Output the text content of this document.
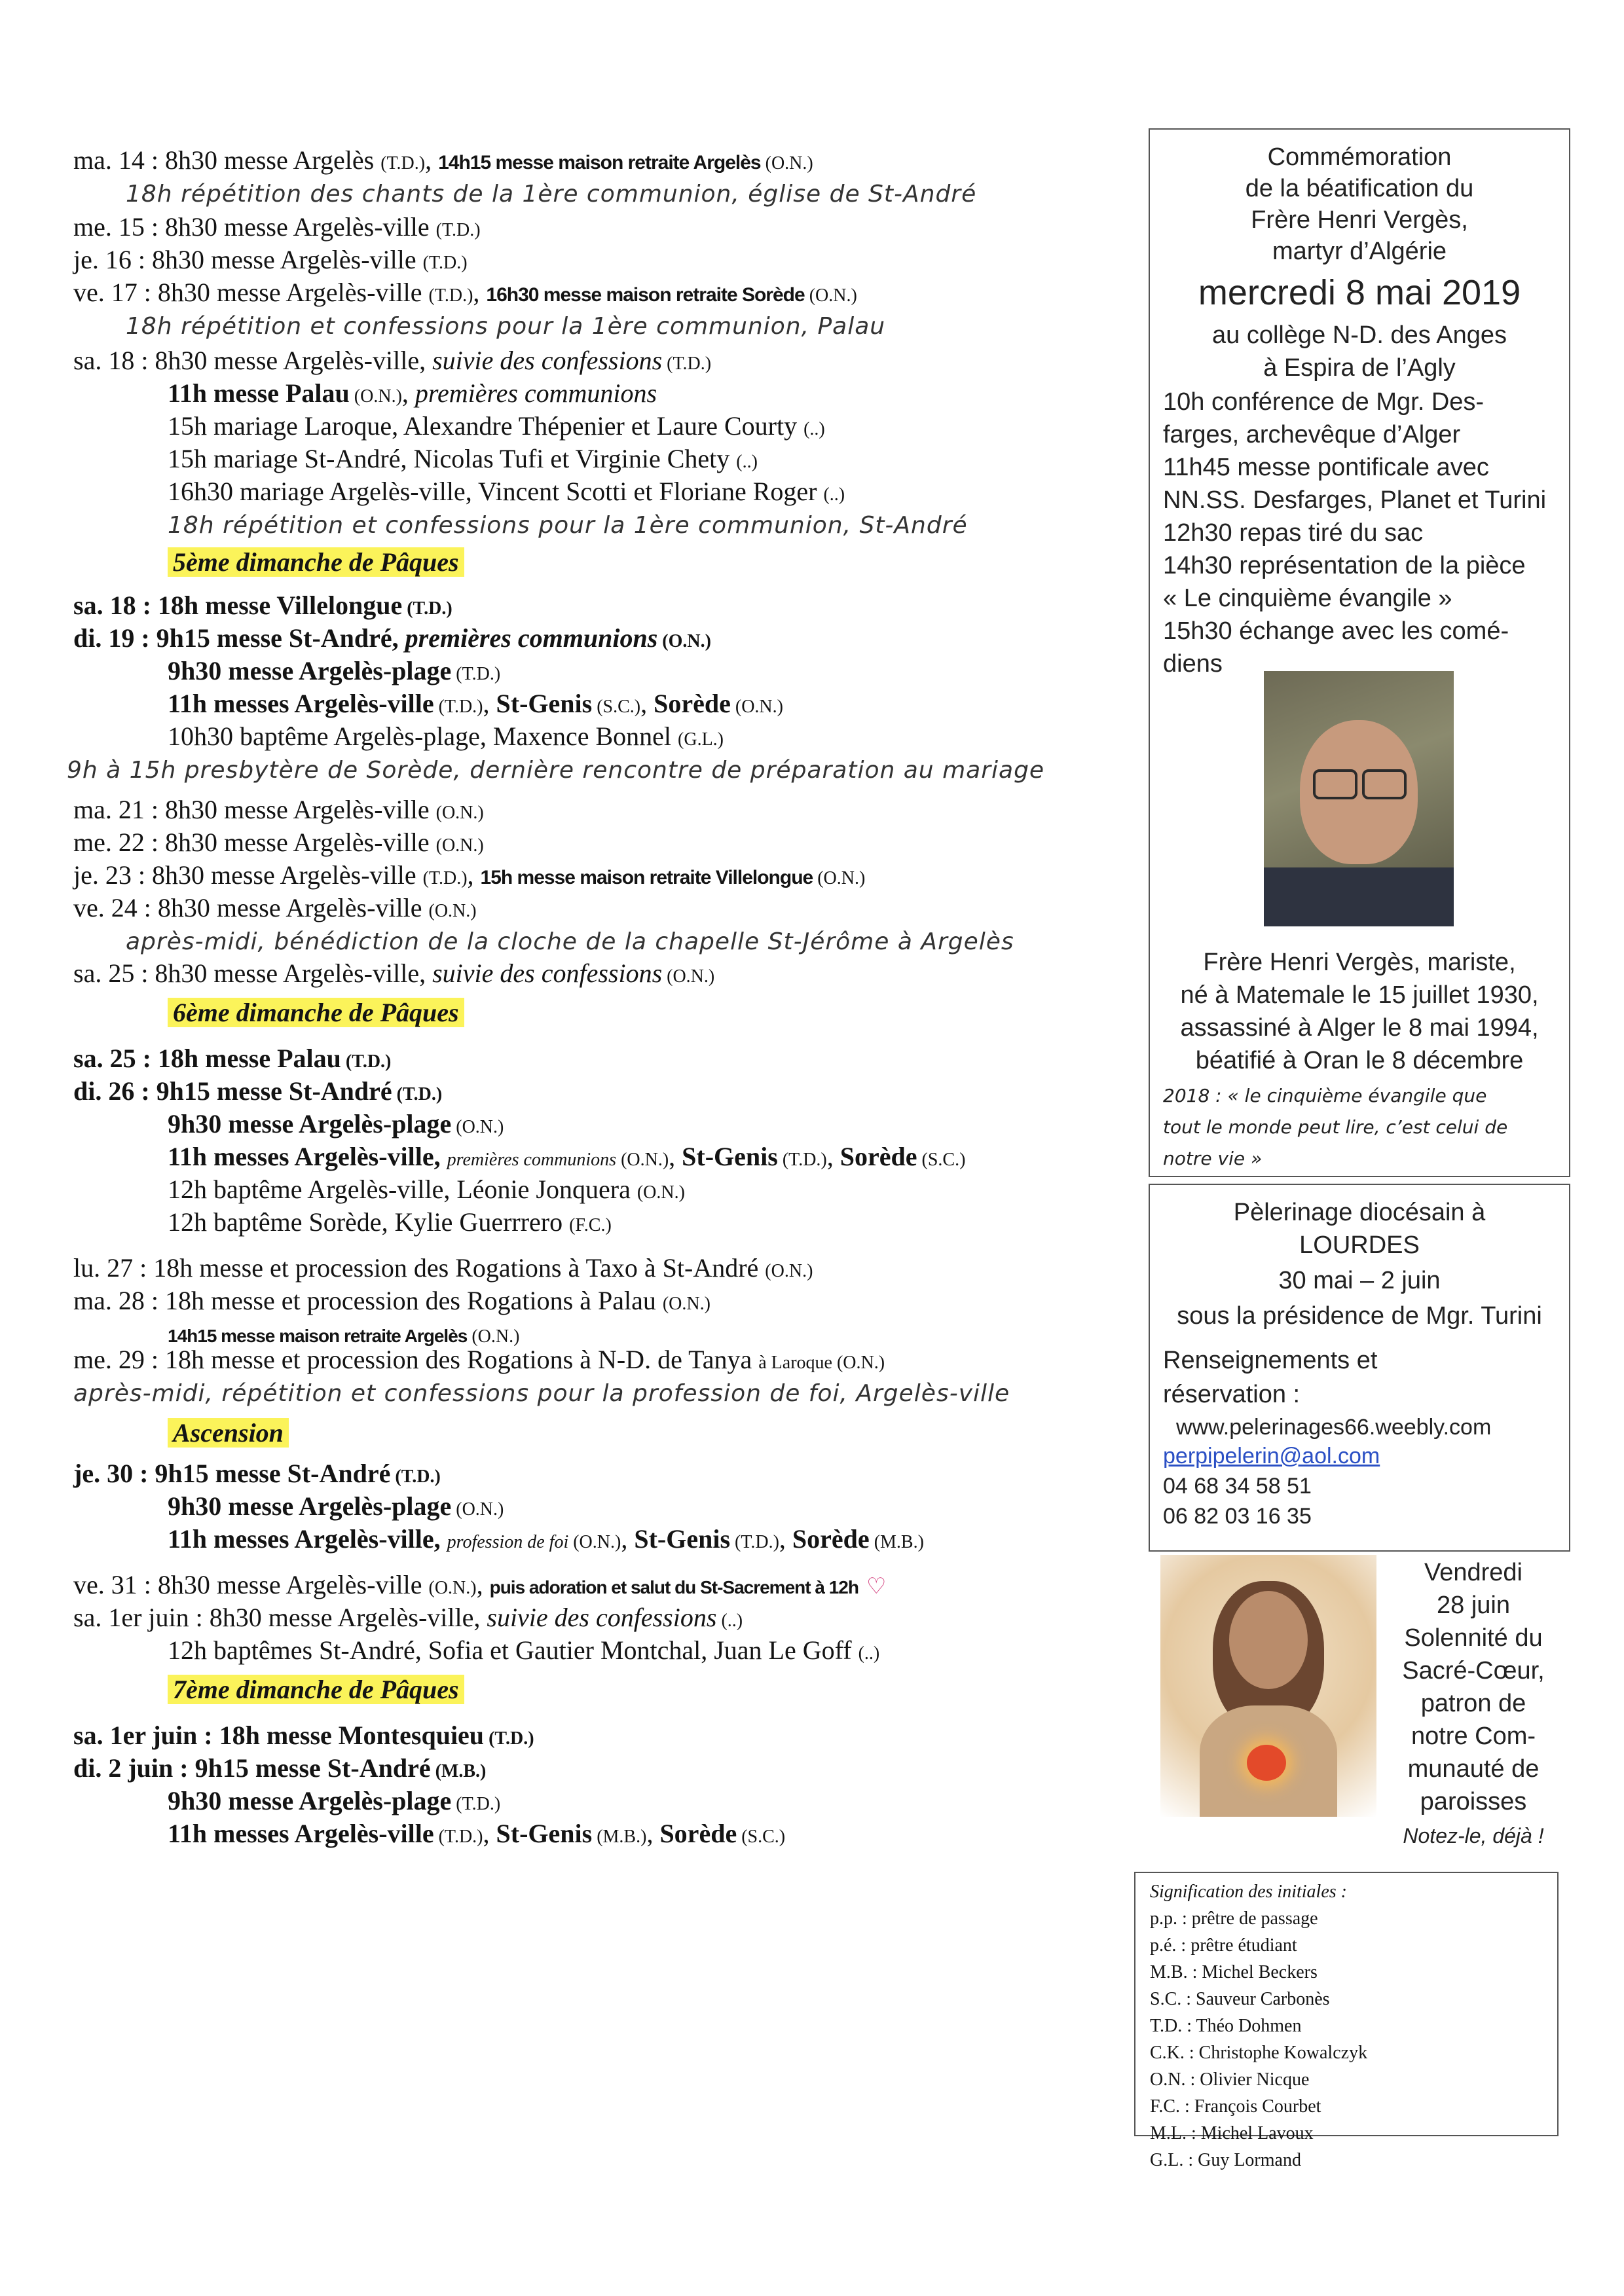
ma. 14 : 8h30 messe Argelès (T.D.), 14h15 messe maison retraite Argelès (O.N.)
18h répétition des chants de la 1ère communion, église de St-André
me. 15 : 8h30 messe Argelès-ville (T.D.)
je. 16 : 8h30 messe Argelès-ville (T.D.)
ve. 17 : 8h30 messe Argelès-ville (T.D.), 16h30 messe maison retraite Sorède (O.N.)
18h répétition et confessions pour la 1ère communion, Palau
sa. 18 : 8h30 messe Argelès-ville, suivie des confessions (T.D.)
11h messe Palau (O.N.), premières communions
15h mariage Laroque, Alexandre Thépenier et Laure Courty (..)
15h mariage St-André, Nicolas Tufi et Virginie Chety (..)
16h30 mariage Argelès-ville, Vincent Scotti et Floriane Roger (..)
18h répétition et confessions pour la 1ère communion, St-André
5ème dimanche de Pâques
sa. 18 : 18h messe Villelongue (T.D.)
di. 19 : 9h15 messe St-André, premières communions (O.N.)
9h30 messe Argelès-plage (T.D.)
11h messes Argelès-ville (T.D.), St-Genis (S.C.), Sorède (O.N.)
10h30 baptême Argelès-plage, Maxence Bonnel (G.L.)
9h à 15h presbytère de Sorède, dernière rencontre de préparation au mariage
ma. 21 : 8h30 messe Argelès-ville (O.N.)
me. 22 : 8h30 messe Argelès-ville (O.N.)
je. 23 : 8h30 messe Argelès-ville (T.D.), 15h messe maison retraite Villelongue (O.N.)
ve. 24 : 8h30 messe Argelès-ville (O.N.)
après-midi, bénédiction de la cloche de la chapelle St-Jérôme à Argelès
sa. 25 : 8h30 messe Argelès-ville, suivie des confessions (O.N.)
6ème dimanche de Pâques
sa. 25 : 18h messe Palau (T.D.)
di. 26 : 9h15 messe St-André (T.D.)
9h30 messe Argelès-plage (O.N.)
11h messes Argelès-ville, premières communions (O.N.), St-Genis (T.D.), Sorède (S.C.)
12h baptême Argelès-ville, Léonie Jonquera (O.N.)
12h baptême Sorède, Kylie Guerrrero (F.C.)
lu. 27 : 18h messe et procession des Rogations à Taxo à St-André (O.N.)
ma. 28 : 18h messe et procession des Rogations à Palau (O.N.)
14h15 messe maison retraite Argelès (O.N.)
me. 29 : 18h messe et procession des Rogations à N-D. de Tanya à Laroque (O.N.)
après-midi, répétition et confessions pour la profession de foi, Argelès-ville
Ascension
je. 30 : 9h15 messe St-André (T.D.)
9h30 messe Argelès-plage (O.N.)
11h messes Argelès-ville, profession de foi (O.N.), St-Genis (T.D.), Sorède (M.B.)
ve. 31 : 8h30 messe Argelès-ville (O.N.), puis adoration et salut du St-Sacrement à 12h ♡
sa. 1er juin : 8h30 messe Argelès-ville, suivie des confessions (..)
12h baptêmes St-André, Sofia et Gautier Montchal, Juan Le Goff (..)
7ème dimanche de Pâques
sa. 1er juin : 18h messe Montesquieu (T.D.)
di. 2 juin : 9h15 messe St-André (M.B.)
9h30 messe Argelès-plage (T.D.)
11h messes Argelès-ville (T.D.), St-Genis (M.B.), Sorède (S.C.)
Commémoration
de la béatification du
Frère Henri Vergès,
martyr d’Algérie
mercredi 8 mai 2019
au collège N-D. des Anges
à Espira de l’Agly
10h conférence de Mgr. Des-
farges, archevêque d’Alger
11h45 messe pontificale avec
NN.SS. Desfarges, Planet et Turini
12h30 repas tiré du sac
14h30 représentation de la pièce
« Le cinquième évangile »
15h30 échange avec les comé-
diens
Frère Henri Vergès, mariste,
né à Matemale le 15 juillet 1930,
assassiné à Alger le 8 mai 1994,
béatifié à Oran le 8 décembre
2018 : « le cinquième évangile que
tout le monde peut lire, c’est celui de
notre vie »
Pèlerinage diocésain à
LOURDES
30 mai – 2 juin
sous la présidence de Mgr. Turini
Renseignements et
réservation :
www.pelerinages66.weebly.com
perpipelerin@aol.com
04 68 34 58 51
06 82 03 16 35
Vendredi
28 juin
Solennité du
Sacré-Cœur,
patron de
notre Com-
munauté de
paroisses
Notez-le, déjà !
Signification des initiales :
p.p. : prêtre de passage
p.é. : prêtre étudiant
M.B. : Michel Beckers
S.C. : Sauveur Carbonès
T.D. : Théo Dohmen
C.K. : Christophe Kowalczyk
O.N. : Olivier Nicque
F.C. : François Courbet
M.L. : Michel Lavoux
G.L. : Guy Lormand
